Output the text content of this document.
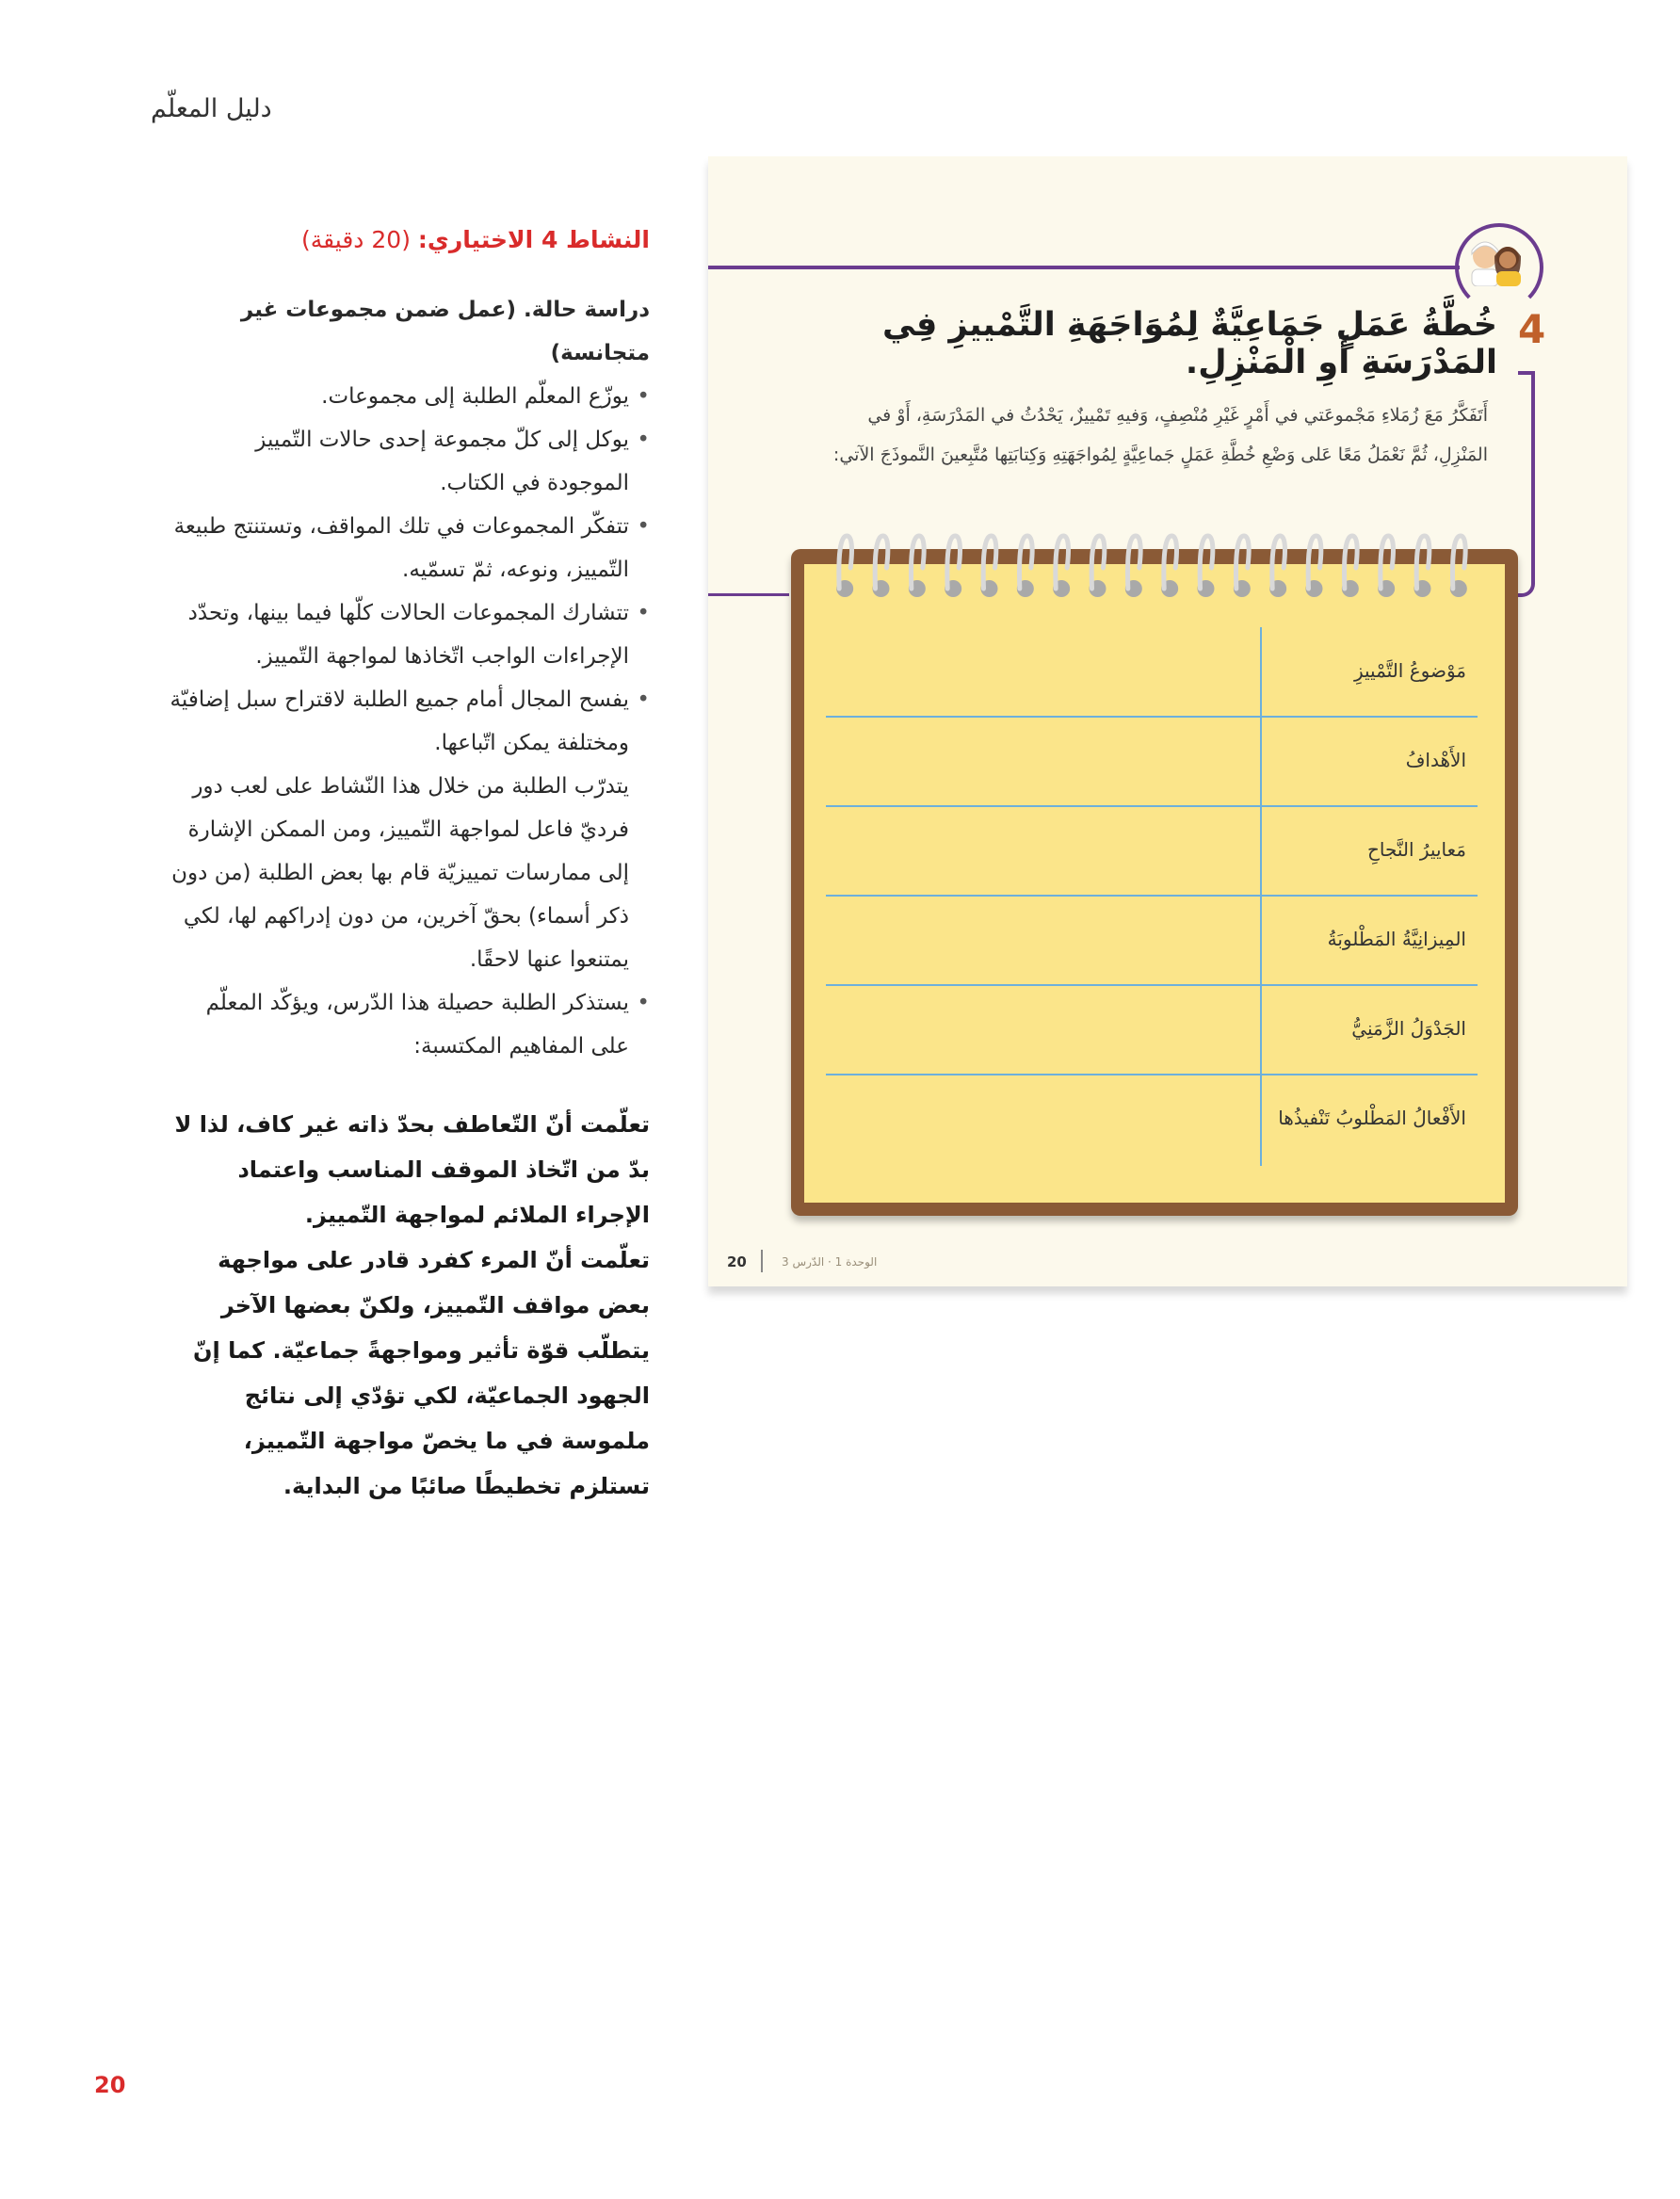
دليل المعلّم
النشاط 4 الاختياري: (20 دقيقة)
دراسة حالة. (عمل ضمن مجموعات غير متجانسة)
• يوزّع المعلّم الطلبة إلى مجموعات.
• يوكل إلى كلّ مجموعة إحدى حالات التّمييز الموجودة في الكتاب.
• تتفكّر المجموعات في تلك المواقف، وتستنتج طبيعة التّمييز، ونوعه، ثمّ تسمّيه.
• تتشارك المجموعات الحالات كلّها فيما بينها، وتحدّد الإجراءات الواجب اتّخاذها لمواجهة التّمييز.
• يفسح المجال أمام جميع الطلبة لاقتراح سبل إضافيّة ومختلفة يمكن اتّباعها.
يتدرّب الطلبة من خلال هذا النّشاط على لعب دور فرديّ فاعل لمواجهة التّمييز، ومن الممكن الإشارة إلى ممارسات تمييزيّة قام بها بعض الطلبة (من دون ذكر أسماء) بحقّ آخرين، من دون إدراكهم لها، لكي يمتنعوا عنها لاحقًا.
• يستذكر الطلبة حصيلة هذا الدّرس، ويؤكّد المعلّم على المفاهيم المكتسبة:
تعلّمت أنّ التّعاطف بحدّ ذاته غير كاف، لذا لا بدّ من اتّخاذ الموقف المناسب واعتماد الإجراء الملائم لمواجهة التّمييز.
تعلّمت أنّ المرء كفرد قادر على مواجهة بعض مواقف التّمييز، ولكنّ بعضها الآخر يتطلّب قوّة تأثير ومواجهةً جماعيّة. كما إنّ الجهود الجماعيّة، لكي تؤدّي إلى نتائج ملموسة في ما يخصّ مواجهة التّمييز، تستلزم تخطيطًا صائبًا من البداية.
4
خُطَّةُ عَمَلٍ جَمَاعِيَّةٌ لِمُوَاجَهَةِ التَّمْييزِ فِي المَدْرَسَةِ أَوِ الْمَنْزِلِ.
أَتَفَكَّرُ مَعَ زُمَلاءِ مَجْموعَتي في أَمْرٍ غَيْرِ مُنْصِفٍ، وَفيهِ تَمْييزٌ، يَحْدُثُ في المَدْرَسَةِ، أَوْ في المَنْزِلِ، ثُمَّ نَعْمَلُ مَعًا عَلى وَضْعِ خُطَّةِ عَمَلٍ جَماعِيَّةٍ لِمُواجَهَتِهِ وَكِتابَتِها مُتَّبِعينَ النَّموذَجَ الآتي:
مَوْضوعُ التَّمْييزِ
الأَهْدافُ
مَعاييرُ النَّجاحِ
المِيزانِيَّةُ المَطْلوبَةُ
الجَدْوَلُ الزَّمَنِيُّ
الأَفْعالُ المَطْلوبُ تَنْفيذُها
20	الوحدة 1 · الدّرس 3
20
